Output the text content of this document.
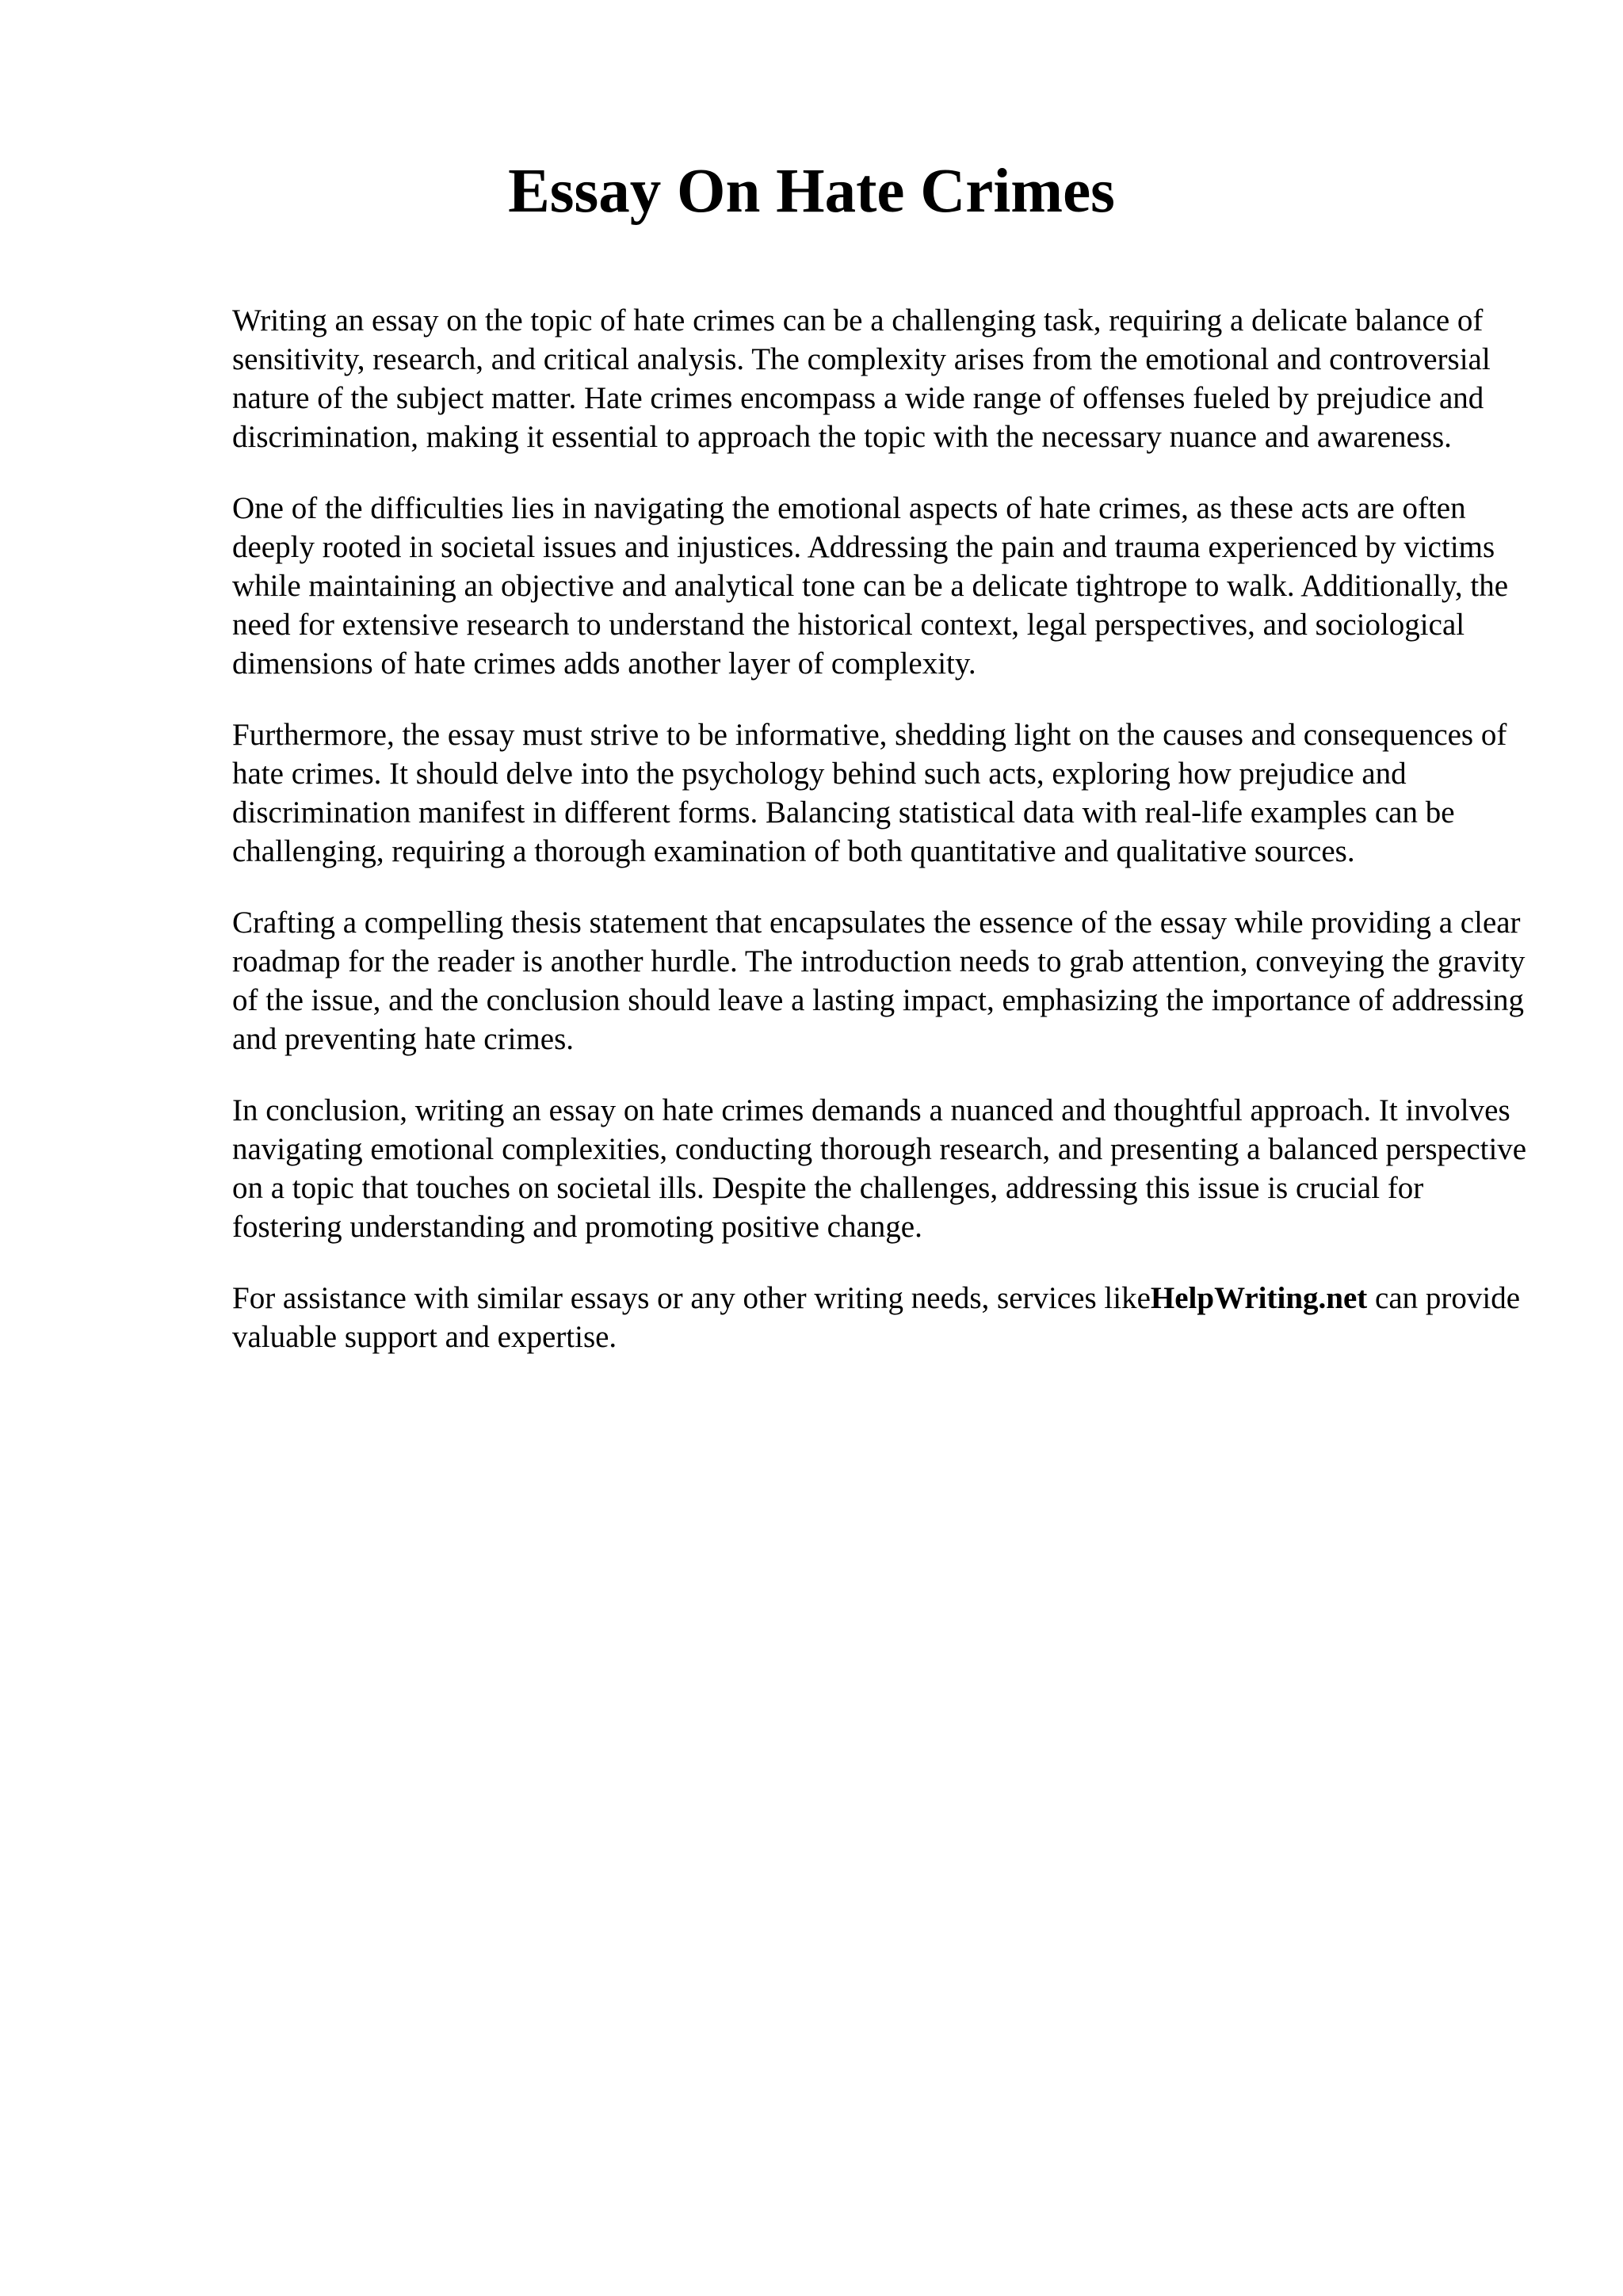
Essay On Hate Crimes

Writing an essay on the topic of hate crimes can be a challenging task, requiring a delicate balance of sensitivity, research, and critical analysis. The complexity arises from the emotional and controversial nature of the subject matter. Hate crimes encompass a wide range of offenses fueled by prejudice and discrimination, making it essential to approach the topic with the necessary nuance and awareness.

One of the difficulties lies in navigating the emotional aspects of hate crimes, as these acts are often deeply rooted in societal issues and injustices. Addressing the pain and trauma experienced by victims while maintaining an objective and analytical tone can be a delicate tightrope to walk. Additionally, the need for extensive research to understand the historical context, legal perspectives, and sociological dimensions of hate crimes adds another layer of complexity.

Furthermore, the essay must strive to be informative, shedding light on the causes and consequences of hate crimes. It should delve into the psychology behind such acts, exploring how prejudice and discrimination manifest in different forms. Balancing statistical data with real-life examples can be challenging, requiring a thorough examination of both quantitative and qualitative sources.

Crafting a compelling thesis statement that encapsulates the essence of the essay while providing a clear roadmap for the reader is another hurdle. The introduction needs to grab attention, conveying the gravity of the issue, and the conclusion should leave a lasting impact, emphasizing the importance of addressing and preventing hate crimes.

In conclusion, writing an essay on hate crimes demands a nuanced and thoughtful approach. It involves navigating emotional complexities, conducting thorough research, and presenting a balanced perspective on a topic that touches on societal ills. Despite the challenges, addressing this issue is crucial for fostering understanding and promoting positive change.

For assistance with similar essays or any other writing needs, services likeHelpWriting.net can provide valuable support and expertise.
